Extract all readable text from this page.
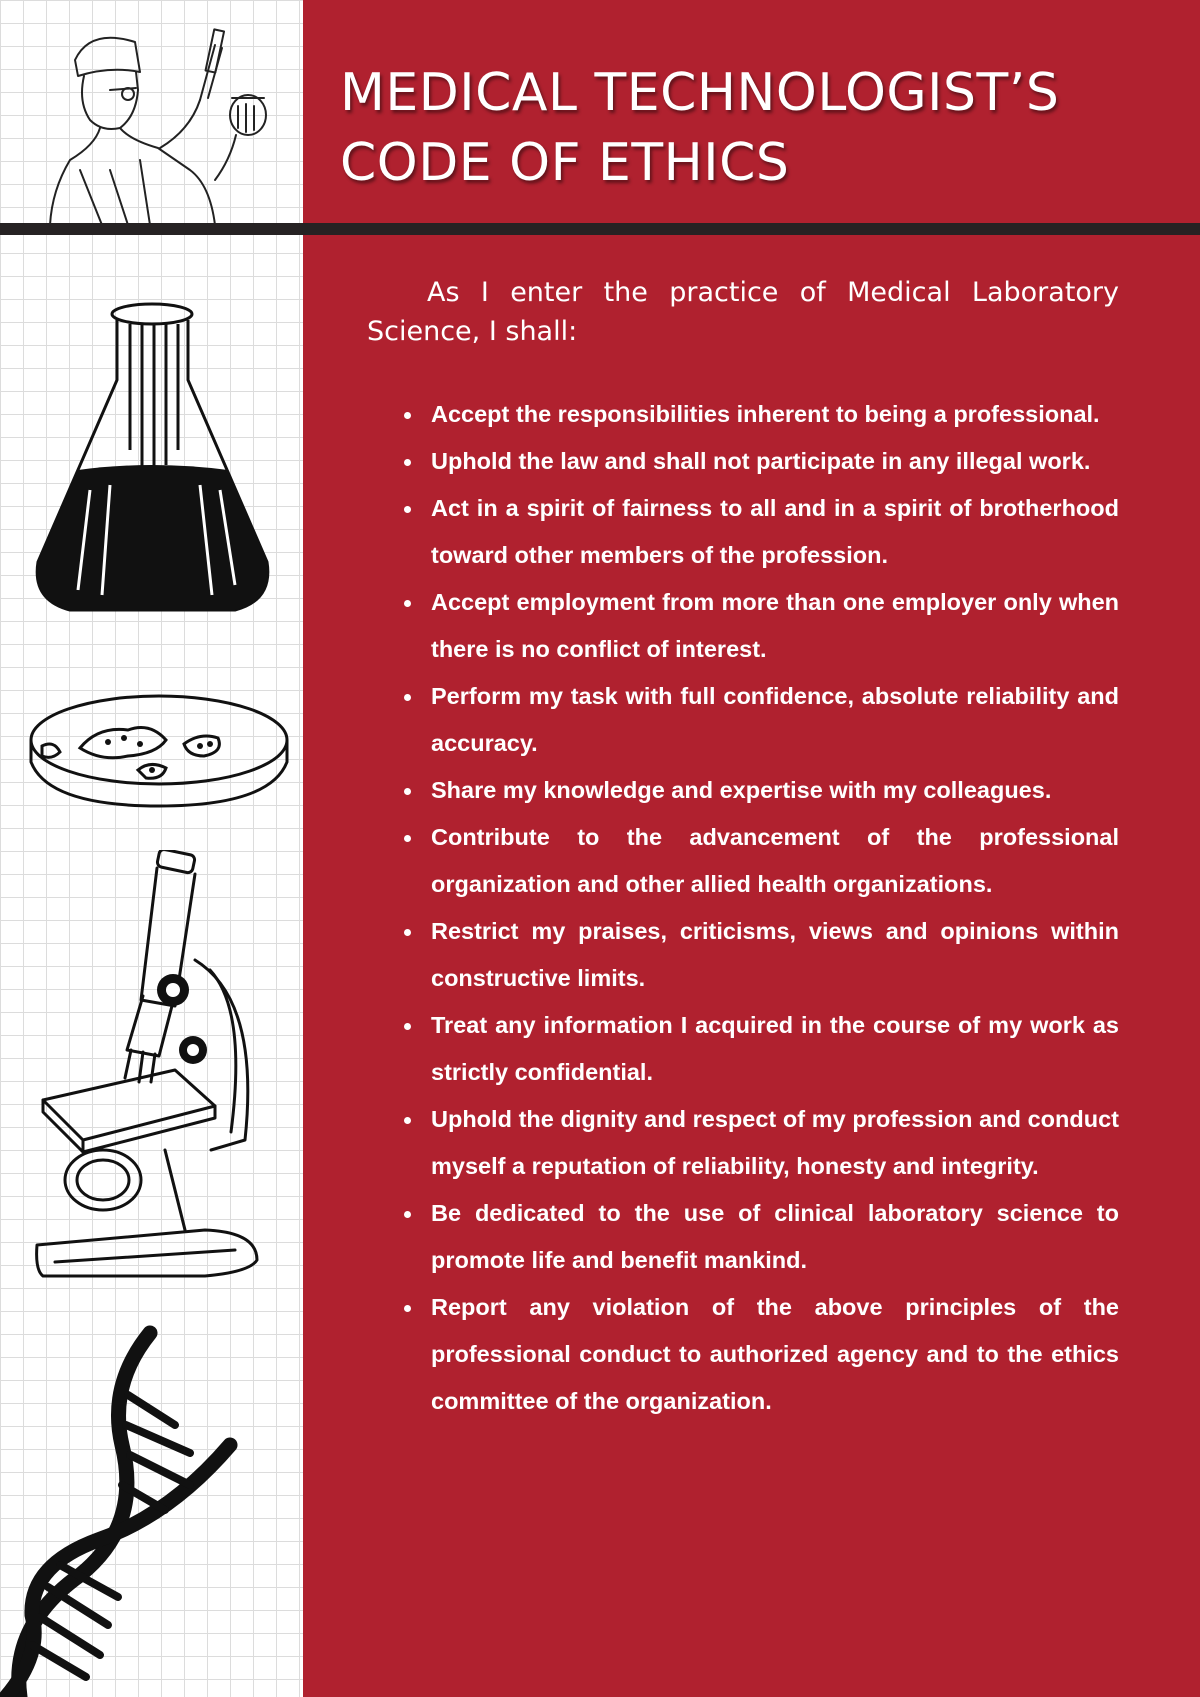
MEDICAL TECHNOLOGIST’S
CODE OF ETHICS

As I enter the practice of Medical Laboratory Science, I shall:

Accept the responsibilities inherent to being a professional.
Uphold the law and shall not participate in any illegal work.
Act in a spirit of fairness to all and in a spirit of brotherhood toward other members of the profession.
Accept employment from more than one employer only when there is no conflict of interest.
Perform my task with full confidence, absolute reliability and accuracy.
Share my knowledge and expertise with my colleagues.
Contribute to the advancement of the professional organization and other allied health organizations.
Restrict my praises, criticisms, views and opinions within constructive limits.
Treat any information I acquired in the course of my work as strictly confidential.
Uphold the dignity and respect of my profession and conduct myself a reputation of reliability, honesty and integrity.
Be dedicated to the use of clinical laboratory science to promote life and benefit mankind.
Report any violation of the above principles of the professional conduct to authorized agency and to the ethics committee of the organization.
